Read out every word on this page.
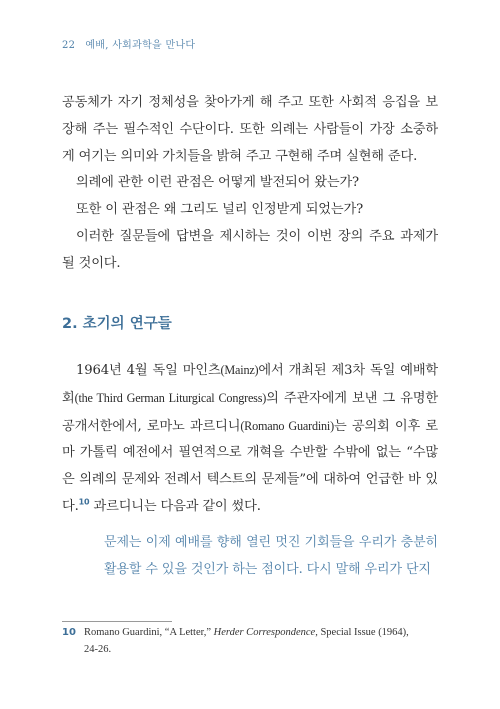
22 예배, 사회과학을 만나다

공동체가 자기 정체성을 찾아가게 해 주고 또한 사회적 응집을 보장해 주는 필수적인 수단이다. 또한 의례는 사람들이 가장 소중하게 여기는 의미와 가치들을 밝혀 주고 구현해 주며 실현해 준다.

의례에 관한 이런 관점은 어떻게 발전되어 왔는가?

또한 이 관점은 왜 그리도 널리 인정받게 되었는가?

이러한 질문들에 답변을 제시하는 것이 이번 장의 주요 과제가 될 것이다.

2. 초기의 연구들

1964년 4월 독일 마인츠(Mainz)에서 개최된 제3차 독일 예배학회(the Third German Liturgical Congress)의 주관자에게 보낸 그 유명한 공개서한에서, 로마노 과르디니(Romano Guardini)는 공의회 이후 로마 가톨릭 예전에서 필연적으로 개혁을 수반할 수밖에 없는 “수많은 의례의 문제와 전례서 텍스트의 문제들”에 대하여 언급한 바 있다.$^{10}$ 과르디니는 다음과 같이 썼다.

문제는 이제 예배를 향해 열린 멋진 기회들을 우리가 충분히 활용할 수 있을 것인가 하는 점이다. 다시 말해 우리가 단지
10 Romano Guardini, “A Letter,” Herder Correspondence, Special Issue (1964),
24-26.
